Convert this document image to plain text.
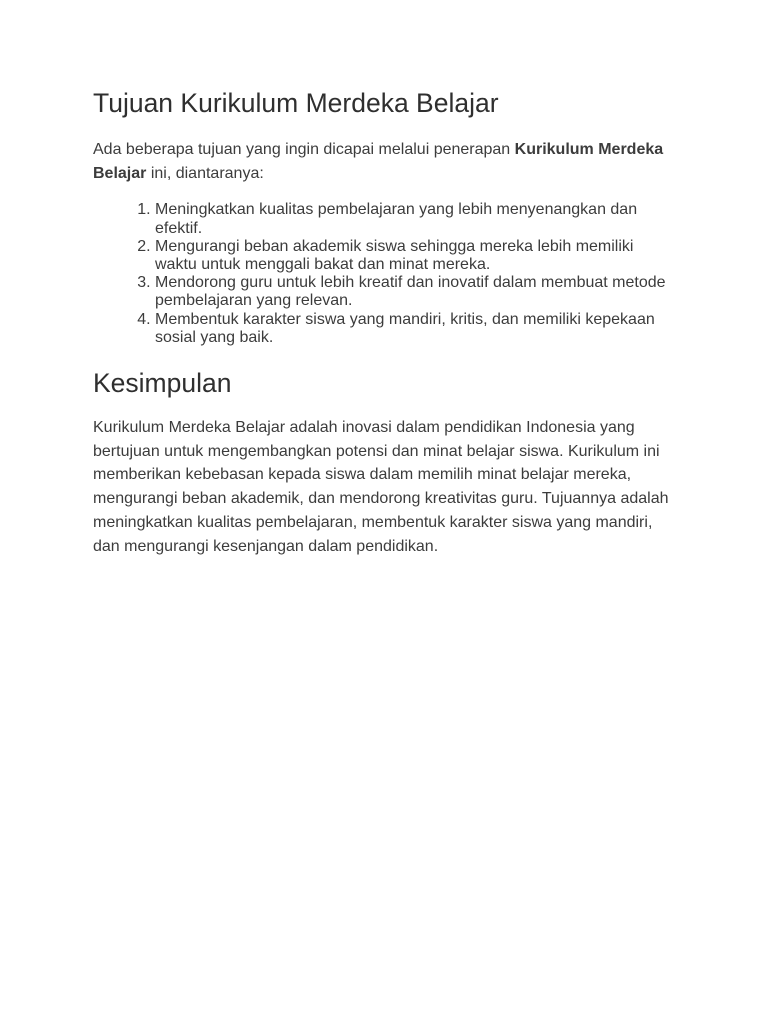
Tujuan Kurikulum Merdeka Belajar

Ada beberapa tujuan yang ingin dicapai melalui penerapan Kurikulum Merdeka Belajar ini, diantaranya:

1. Meningkatkan kualitas pembelajaran yang lebih menyenangkan dan efektif.
2. Mengurangi beban akademik siswa sehingga mereka lebih memiliki waktu untuk menggali bakat dan minat mereka.
3. Mendorong guru untuk lebih kreatif dan inovatif dalam membuat metode pembelajaran yang relevan.
4. Membentuk karakter siswa yang mandiri, kritis, dan memiliki kepekaan sosial yang baik.
Kesimpulan

Kurikulum Merdeka Belajar adalah inovasi dalam pendidikan Indonesia yang bertujuan untuk mengembangkan potensi dan minat belajar siswa. Kurikulum ini memberikan kebebasan kepada siswa dalam memilih minat belajar mereka, mengurangi beban akademik, dan mendorong kreativitas guru. Tujuannya adalah meningkatkan kualitas pembelajaran, membentuk karakter siswa yang mandiri, dan mengurangi kesenjangan dalam pendidikan.
